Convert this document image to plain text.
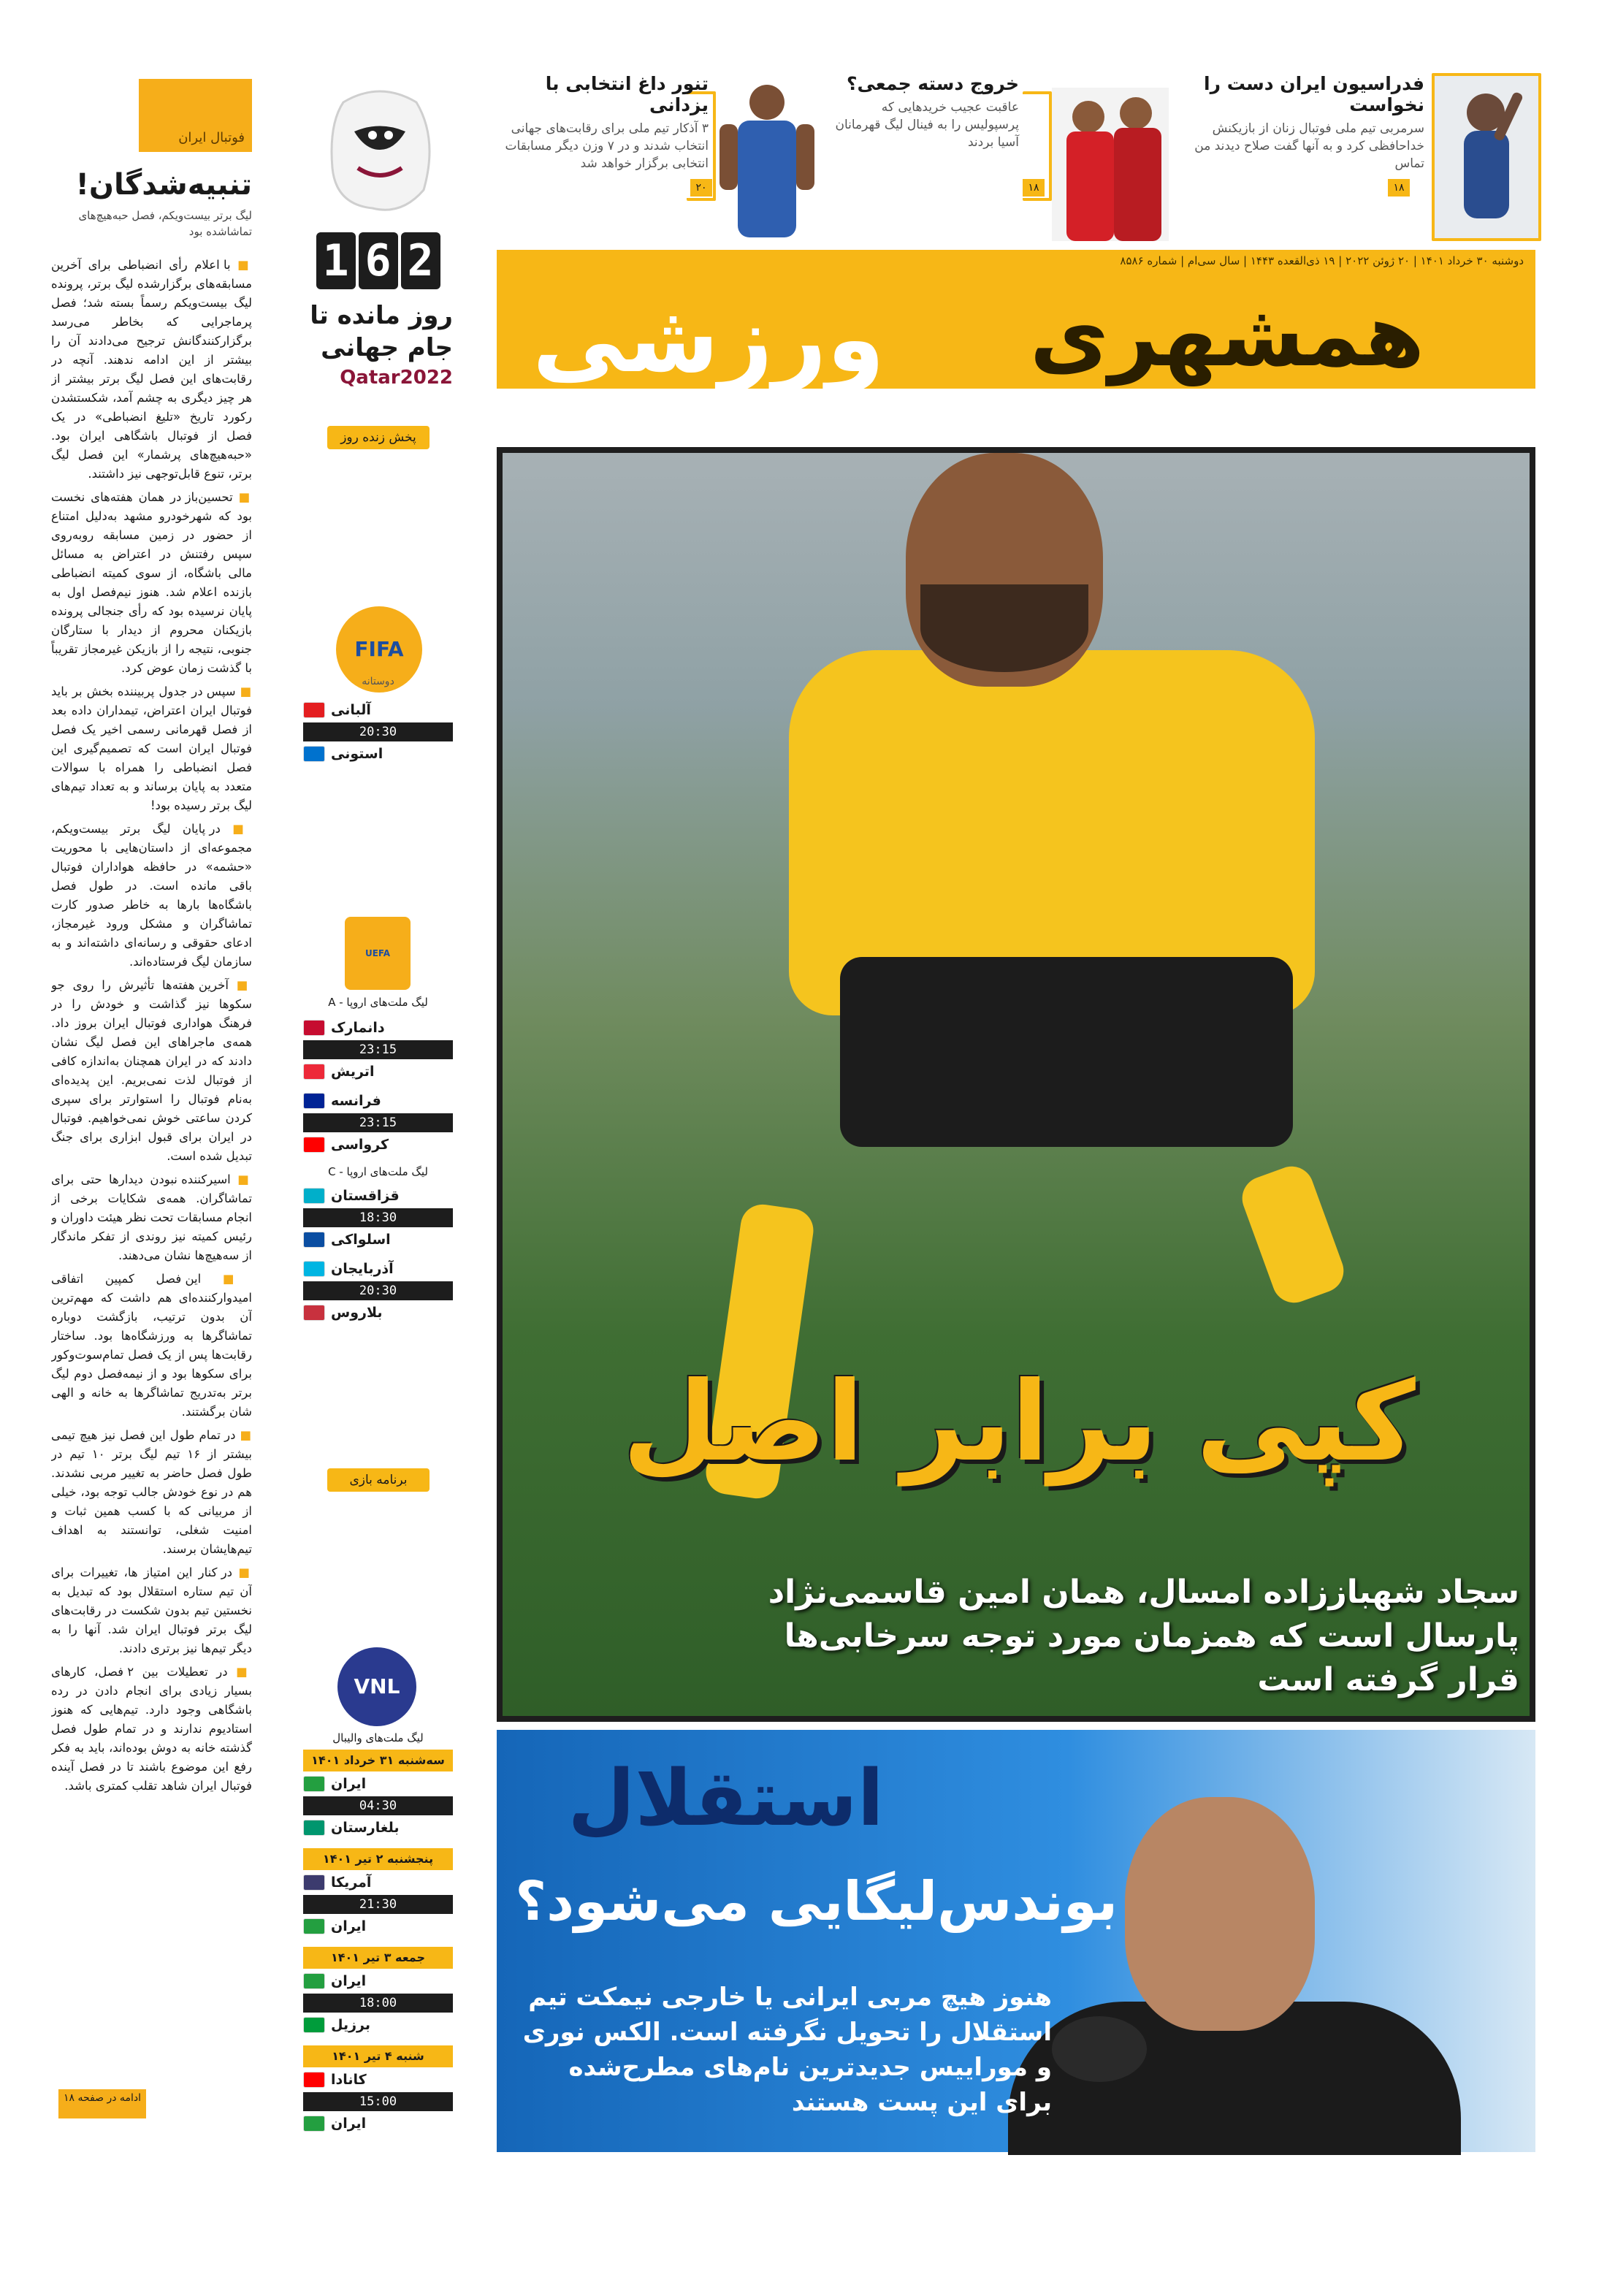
فوتبال ایران
تنبیه‌شدگان!
لیگ برتر بیست‌ویکم، فصل حبه‌هیچ‌های تماشاشده بود

■ با اعلام رأی انضباطی برای آخرین مسابقه‌های برگزارشده لیگ برتر، پرونده لیگ بیست‌ویکم رسماً بسته شد؛ فصل پرماجرایی که بخاطر می‌رسد برگزارکنندگانش ترجیح می‌دادند آن را بیشتر از این ادامه ندهند. آنچه در رقابت‌های این فصل لیگ برتر بیشتر از هر چیز دیگری به چشم آمد، شکستشدن رکورد تاریخ «تلیغ انضباطی» در یک فصل از فوتبال باشگاهی ایران بود. «حبه‌هیچ‌های پرشمار» این فصل لیگ برتر، تنوع قابل‌توجهی نیز داشتند.

■ تحسین‌باز در همان هفته‌های نخست بود که شهرخودرو مشهد به‌دلیل امتناع از حضور در زمین مسابقه روبه‌رو‌ی سپس رفتنش در اعتراض به مسائل مالی باشگاه، از سوی کمیته انضباطی بازنده اعلام شد. هنوز نیم‌فصل اول به پایان نرسیده بود که رأی جنجالی پرونده بازیکنان محروم از دیدار با ستارگان جنوبی، نتیجه را از بازیکن غیرمجاز تقریباً با گذشت زمان عوض کرد.

■ سپس در جدول پربیننده بخش بر باید فوتبال ایران اعتراض، تیمداران داده بعد از فصل قهرمانی رسمی اخیر یک فصل فوتبال ایران است که تصمیم‌گیری این فصل انضباطی را همراه با سوالات متعدد به پایان برساند و به تعداد تیم‌های لیگ برتر رسیده بود!

■ در پایان لیگ برتر بیست‌ویکم، مجموعه‌ای از داستان‌هایی با محوریت «حشمه» در حافظه هواداران فوتبال باقی مانده است. در طول فصل باشگاه‌ها بارها به خاطر صدور کارت تماشاگران و مشکل ورود غیرمجاز، ادعای حقوقی و رسانه‌ای داشته‌اند و به سازمان لیگ فرستاده‌اند.

■ آخرین هفته‌ها تأثیرش را روی جو سکوها نیز گذاشت و خودش را در فرهنگ هواداری فوتبال ایران بروز داد. همه‌ی ماجرا‌های این فصل لیگ نشان دادند که در ایران همچنان به‌اندازه کافی از فوتبال لذت نمی‌بریم. این پدیده‌ای به‌نام فوتبال را استوارتر برای سپری کردن ساعتی خوش نمی‌خواهیم. فوتبال در ایران برای قبول ابزاری برای جنگ تبدیل شده است.

■ اسیرکننده نبودن دیدارها حتی برای تماشاگران. همه‌ی شکایات برخی از انجام مسابقات تحت نظر هیئت داوران و رئیس کمیته نیز روندی از تفکر ماندگار از سه‌هیچ‌ها نشان می‌دهند.

■ این فصل کمپین اتفاقی امیدوارکننده‌ای هم داشت که مهم‌ترین آن بدون ترتیب، بازگشت دوباره تماشاگرها به ورزشگاه‌ها بود. ساختار رقابت‌ها پس از یک فصل تمام‌سوت‌وکور برای سکوها‌ بود و از نیمه‌فصل دوم لیگ برتر به‌تدریج تماشاگرها به خانه و الهی شان برگشتند.

■ در تمام طول این فصل نیز هیچ تیمی بیشتر از ۱۶ تیم لیگ برتر ۱۰ تیم در طول فصل حاضر به تغییر مربی نشدند. هم در نوع خودش جالب توجه بود، خیلی از مربیانی که با کسب همین ثبات و امنیت شغلی، توانستند به اهداف تیم‌هایشان برسند.

■ در کنار این امتیاز ها، تغییرات برای آن تیم ستاره استقلال بود که تبدیل به نخستین تیم بدون شکست در رقابت‌های لیگ برتر فوتبال ایران شد. آنها را به دیگر تیم‌ها نیز برتری دادند.

■ در تعطیلات بین ۲ فصل، کارهای بسیار زیادی برای انجام دادن در رده باشگاهی وجود دارد. تیم‌هایی که هنوز استادیوم ندارند و در تمام طول فصل گذشته خانه به دوش بوده‌اند، باید به فکر رفع این موضوع باشند تا در فصل آینده فوتبال ایران شاهد تقلب کمتری باشد.

ادامه در صفحه ۱۸
1 6 2
روز مانده تا جام جهانی
Qatar2022
پخش زنده روز
FIFA
دوستانه
آلبانی
20:30
استونی
UEFA
لیگ ملت‌های اروپا - A
دانمارک
23:15
اتریش
فرانسه
23:15
کرواسی
لیگ ملت‌های اروپا - C
قزاقستان
18:30
اسلواکی
آذربایجان
20:30
بلاروس
برنامه بازی
VNL
لیگ ملت‌های والیبال
سه‌شنبه ۳۱ خرداد ۱۴۰۱
ایران
04:30
بلغارستان
پنجشنبه ۲ تیر ۱۴۰۱
آمریکا
21:30
ایران
جمعه ۳ تیر ۱۴۰۱
ایران
18:00
برزیل
شنبه ۴ تیر ۱۴۰۱
کانادا
15:00
ایران
۱۸
فدراسیون ایران دست را نخواست
سرمربی تیم ملی فوتبال زنان از بازیکنش خداحافظی کرد و به آنها گفت صلاح دیدند من تماس
۱۸
خروج دسته جمعی؟
عاقبت عجیب خریدهایی که پرسپولیس را به فینال لیگ قهرمانان آسیا بردند
۲۰
تنور داغ انتخابی با یزدانی
۳ آذکار تیم ملی برای رقابت‌های جهانی انتخاب شدند و در ۷ وزن دیگر مسابقات انتخابی برگزار خواهد شد
دوشنبه ۳۰ خرداد ۱۴۰۱ | ۲۰ ژوئن ۲۰۲۲ | ۱۹ ذی‌القعده ۱۴۴۳ | سال سی‌ام | شماره ۸۵۸۶
همشهری
ورزشی
کپی برابر اصل
سجاد شهباززاده امسال، همان امین قاسمی‌نژاد پارسال است که همزمان مورد توجه سرخابی‌ها قرار گرفته است
استقلال
بوندس‌لیگایی می‌شود؟
هنوز هیچ مربی ایرانی یا خارجی نیمکت تیم استقلال را تحویل نگرفته است. الکس نوری و موراییس جدیدترین نام‌های مطرح‌شده برای این پست هستند
